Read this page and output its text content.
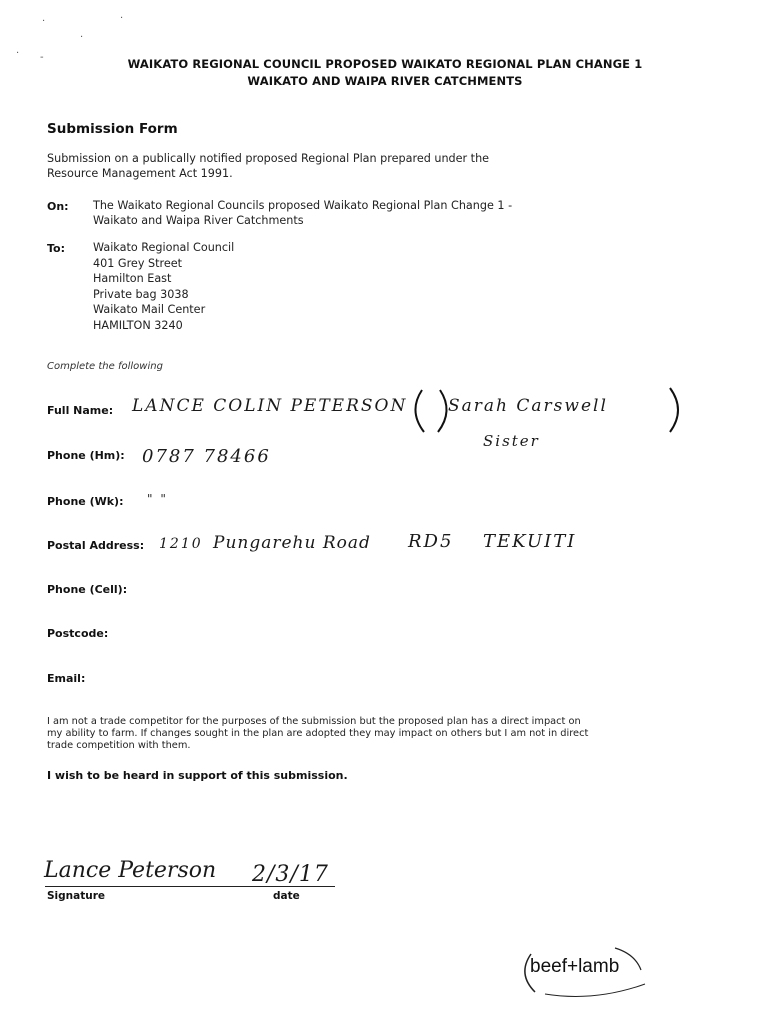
·	·
·
· -	WAIKATO REGIONAL COUNCIL PROPOSED WAIKATO REGIONAL PLAN CHANGE 1
WAIKATO AND WAIPA RIVER CATCHMENTS
Submission Form
Submission on a publically notified proposed Regional Plan prepared under the
Resource Management Act 1991.
On: The Waikato Regional Councils proposed Waikato Regional Plan Change 1 -
Waikato and Waipa River Catchments
To:	Waikato Regional Council
401 Grey Street
Hamilton East
Private bag 3038
Waikato Mail Center
HAMILTON 3240
Complete the following
Full Name: LANCE COLIN PETERSON Sarah Carswell
Sister
Phone (Hm): 0787 78466
Phone (Wk): " "
Postal Address: 1210 Pungarehu Road RD5 TEKUITI
Phone (Cell):
Postcode:
Email:
I am not a trade competitor for the purposes of the submission but the proposed plan has a direct impact on
my ability to farm. If changes sought in the plan are adopted they may impact on others but I am not in direct
trade competition with them.
I wish to be heard in support of this submission.
Lance Peterson
Signature
2/3/17
date
beef+lamb
